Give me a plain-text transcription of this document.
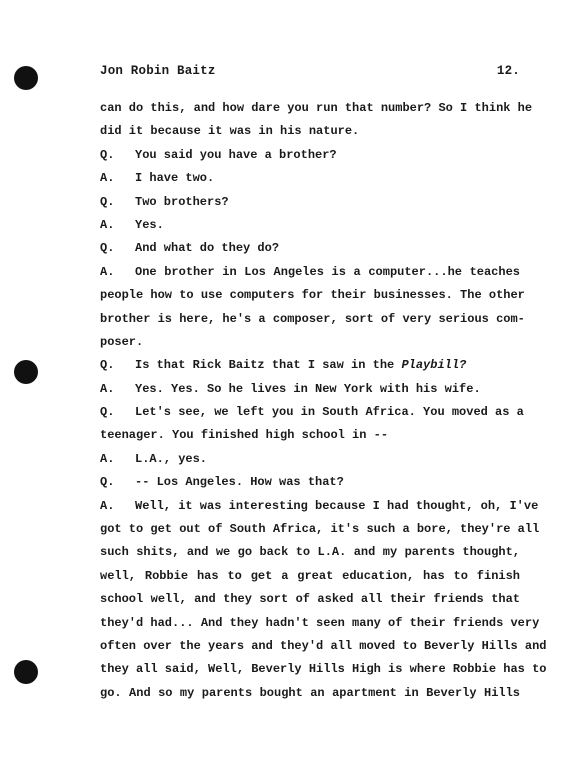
Jon Robin Baitz	12.
can do this, and how dare you run that number? So I think he
did it because it was in his nature.
Q. You said you have a brother?
A. I have two.
Q. Two brothers?
A. Yes.
Q. And what do they do?
A. One brother in Los Angeles is a computer...he teaches
people how to use computers for their businesses. The other
brother is here, he's a composer, sort of very serious com-
poser.
Q. Is that Rick Baitz that I saw in the Playbill?
A. Yes. Yes. So he lives in New York with his wife.
Q. Let's see, we left you in South Africa. You moved as a
teenager. You finished high school in --
A. L.A., yes.
Q. -- Los Angeles. How was that?
A. Well, it was interesting because I had thought, oh, I've
got to get out of South Africa, it's such a bore, they're all
such shits, and we go back to L.A. and my parents thought,
well, Robbie has to get a great education, has to finish
school well, and they sort of asked all their friends that
they'd had... And they hadn't seen many of their friends very
often over the years and they'd all moved to Beverly Hills and
they all said, Well, Beverly Hills High is where Robbie has to
go. And so my parents bought an apartment in Beverly Hills
